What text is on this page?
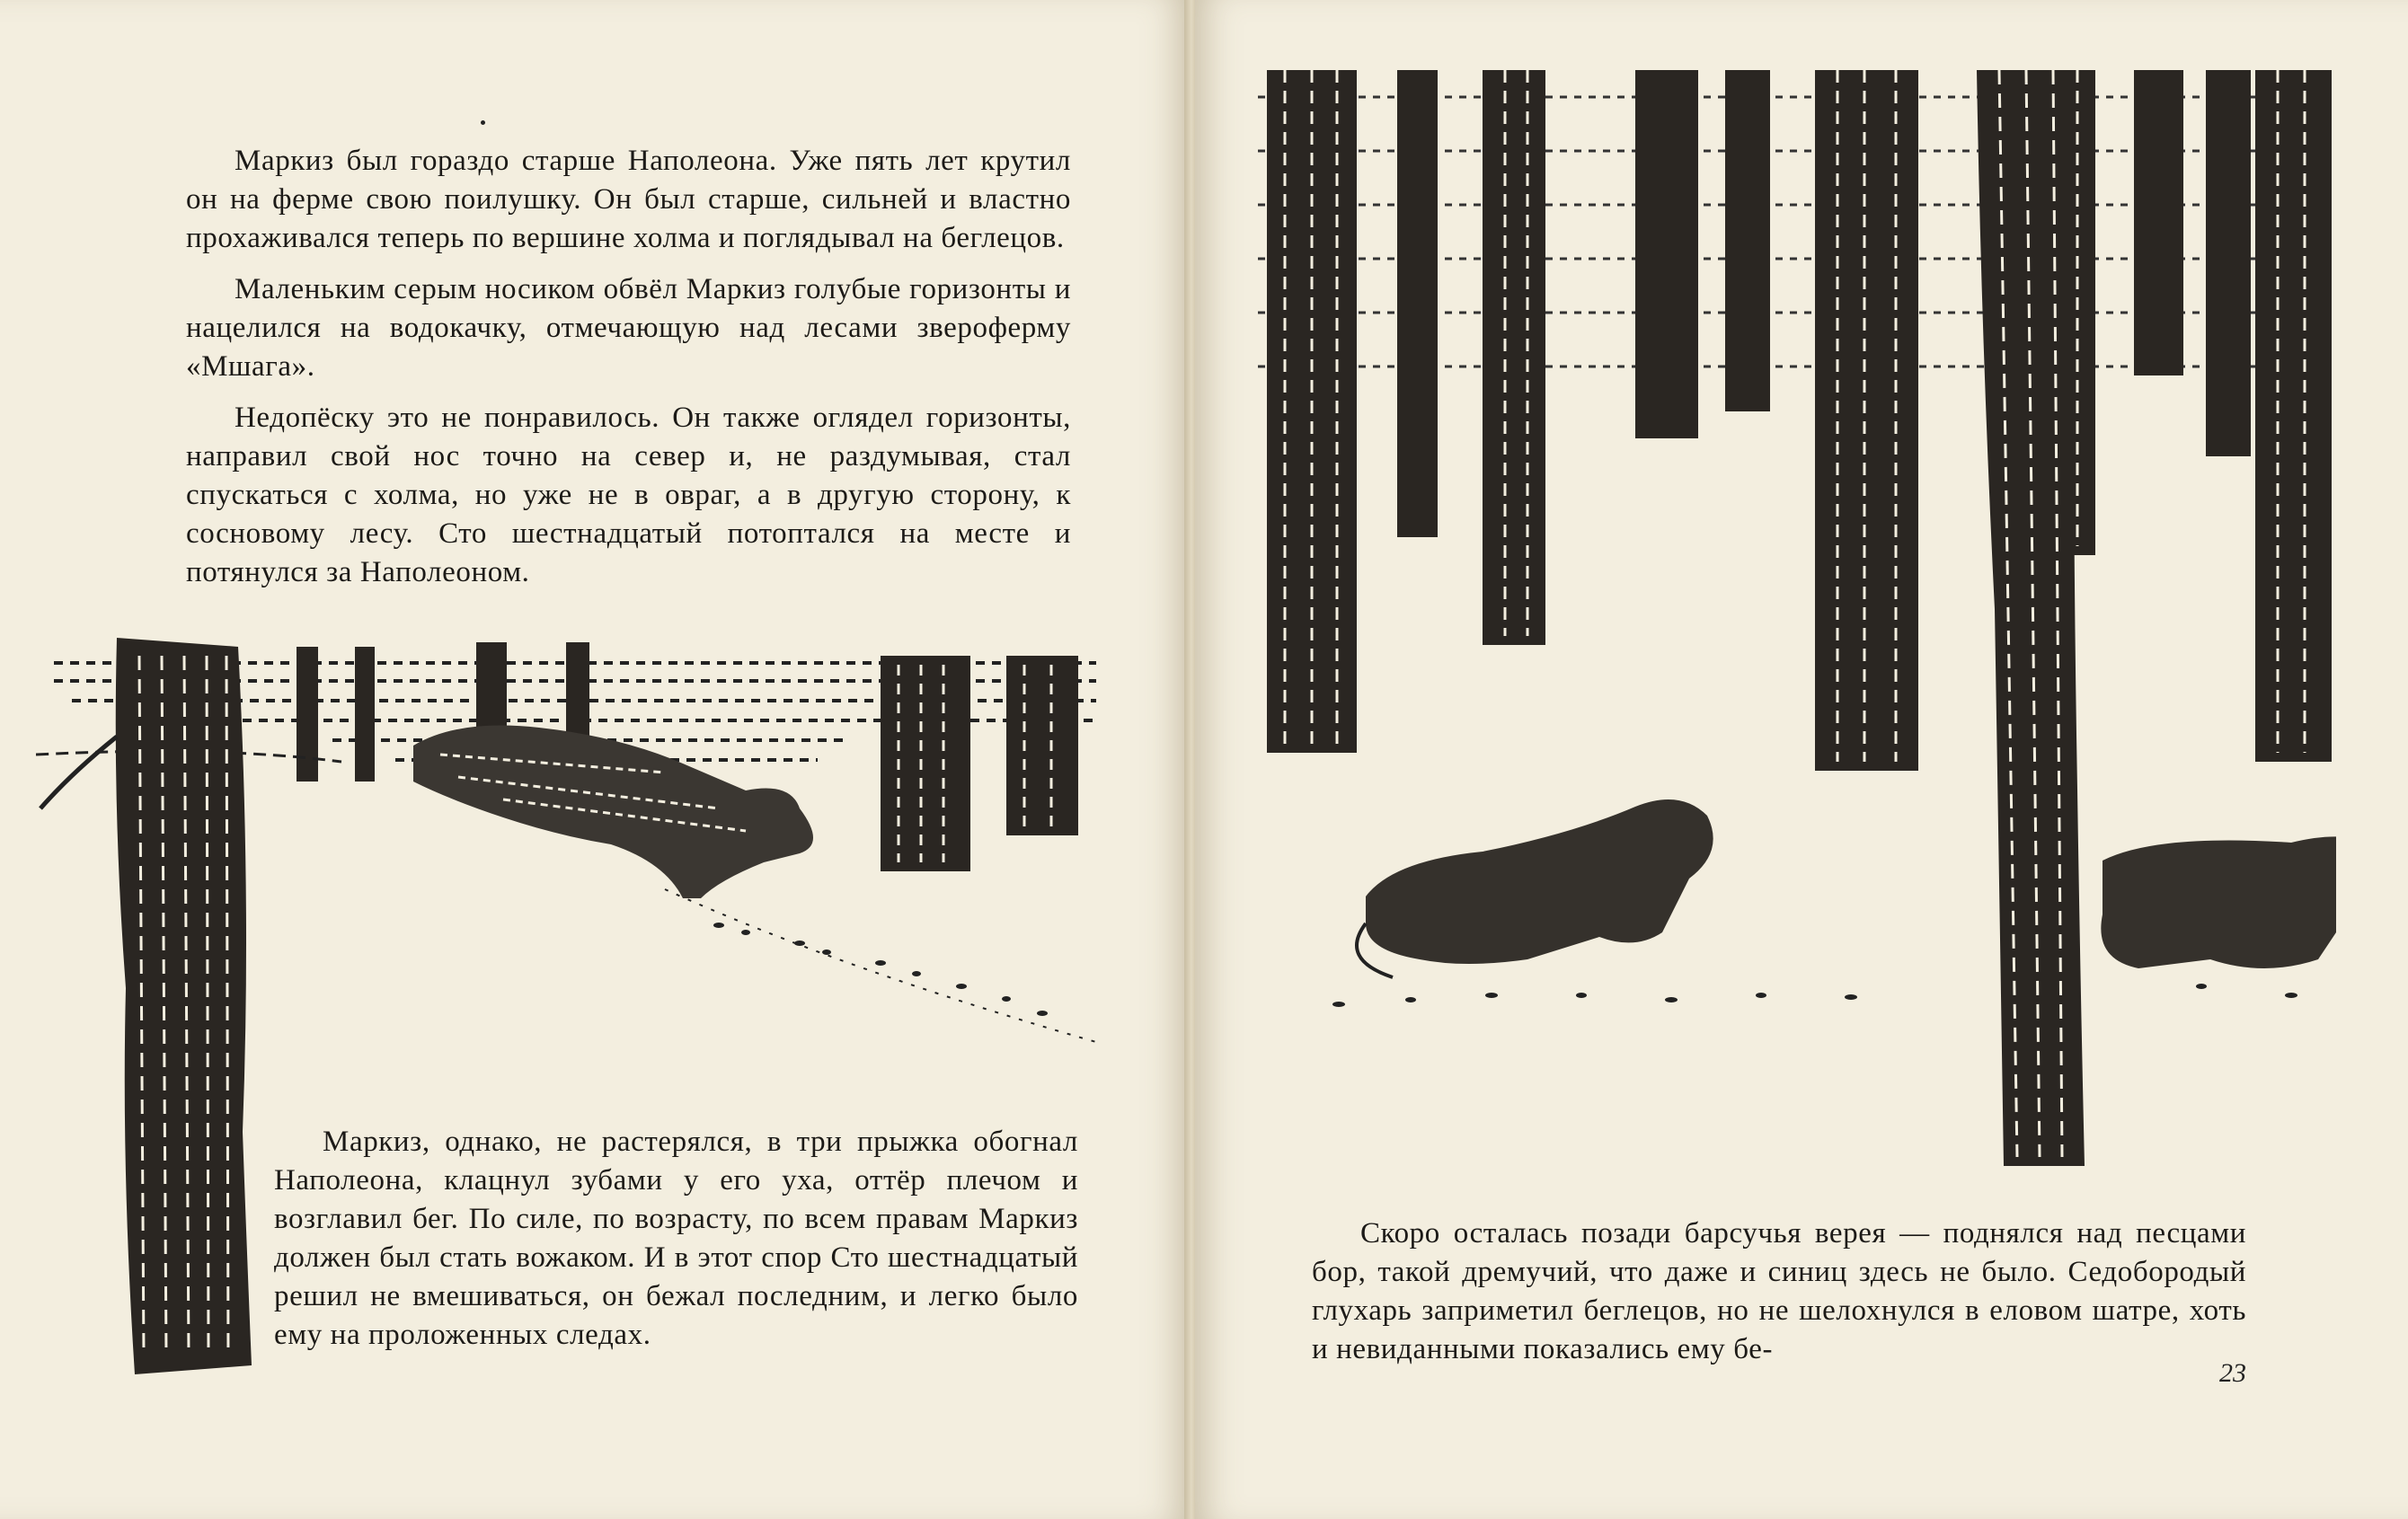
Маркиз был гораздо старше Наполеона. Уже пять лет крутил он на ферме свою поилушку. Он был старше, сильней и властно прохаживался теперь по вершине холма и поглядывал на беглецов.

Маленьким серым носиком обвёл Маркиз голубые горизонты и нацелился на водокачку, отмечающую над лесами звероферму «Мшага».

Недопёску это не понравилось. Он также оглядел горизонты, направил свой нос точно на север и, не раздумывая, стал спускаться с холма, но уже не в овраг, а в другую сторону, к сосновому лесу. Сто шестнадцатый потоптался на месте и потянулся за Наполеоном.

Маркиз, однако, не растерялся, в три прыжка обогнал Наполеона, клацнул зубами у его уха, оттёр плечом и возглавил бег. По силе, по возрасту, по всем правам Маркиз должен был стать вожаком. И в этот спор Сто шестнадцатый решил не вмешиваться, он бежал последним, и легко было ему на проложенных следах.

Скоро осталась позади барсучья верея — поднялся над песцами бор, такой дремучий, что даже и синиц здесь не было. Седобородый глухарь заприметил беглецов, но не шелохнулся в еловом шатре, хоть и невиданными показались ему бе-

23
